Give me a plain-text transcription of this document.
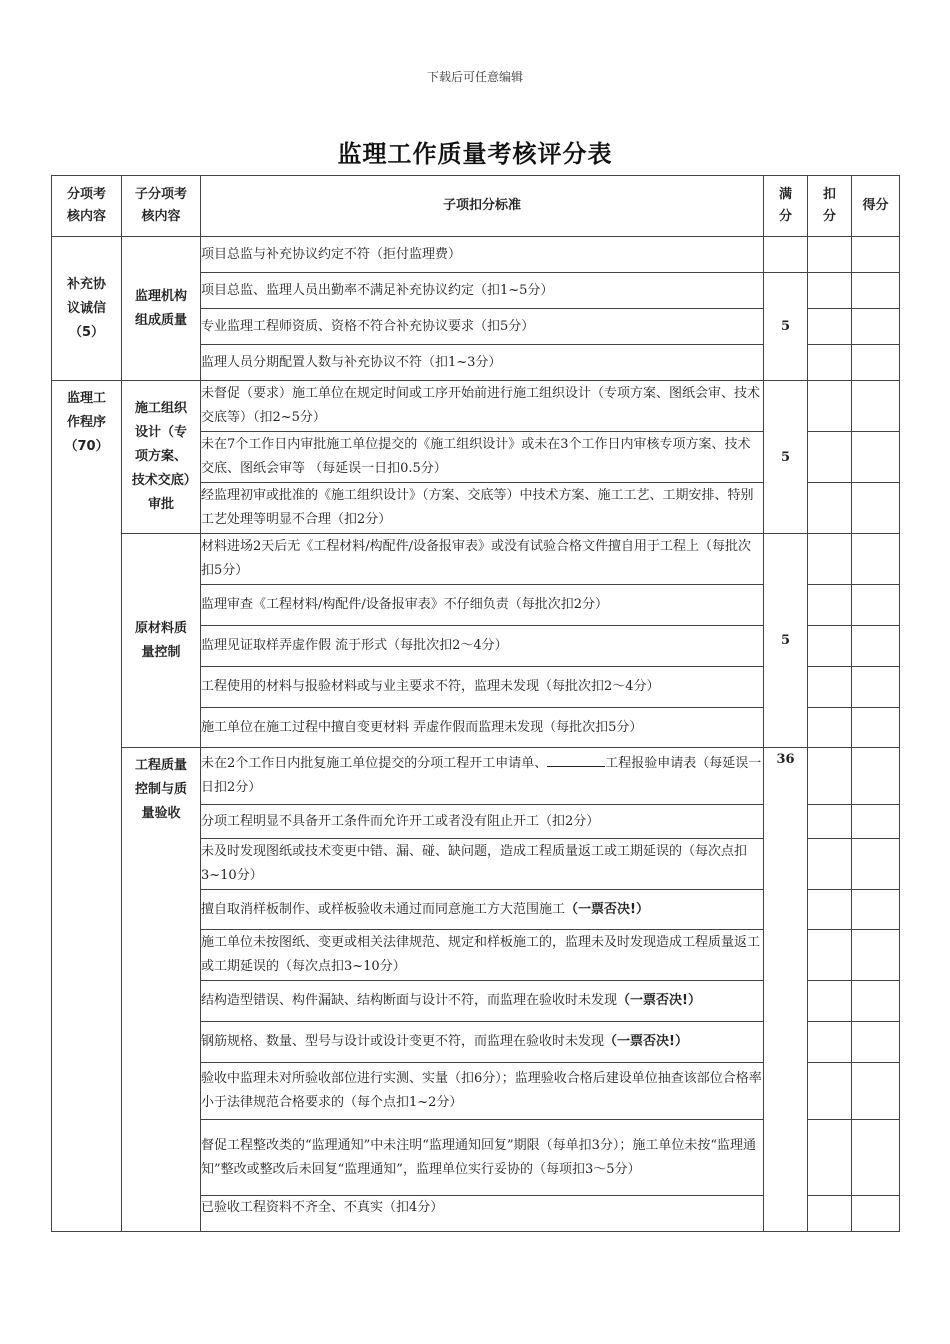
下载后可任意编辑
监理工作质量考核评分表
分项考核内容	子分项考核内容	子项扣分标准	满分	扣分	得分

补充协议诚信（5）	监理机构组成质量	项目总监与补充协议约定不符（拒付监理费）			
		项目总监、监理人员出勤率不满足补充协议约定（扣1~5分）	5		
		专业监理工程师资质、资格不符合补充协议要求（扣5分）			
		监理人员分期配置人数与补充协议不符（扣1~3分）			

监理工作程序（70）	施工组织设计（专项方案、技术交底）审批	未督促（要求）施工单位在规定时间或工序开始前进行施工组织设计（专项方案、图纸会审、技术交底等）（扣2~5分）	5		
		未在7个工作日内审批施工单位提交的《施工组织设计》或未在3个工作日内审核专项方案、技术交底、图纸会审等 （每延误一日扣0.5分）			
		经监理初审或批准的《施工组织设计》（方案、交底等）中技术方案、施工工艺、工期安排、特别工艺处理等明显不合理（扣2分）			

	原材料质量控制	材料进场2天后无《工程材料/构配件/设备报审表》或没有试验合格文件擅自用于工程上（每批次扣5分）	5		
		监理审查《工程材料/构配件/设备报审表》不仔细负责（每批次扣2分）			
		监理见证取样弄虚作假 流于形式（每批次扣2～4分）			
		工程使用的材料与报验材料或与业主要求不符，监理未发现（每批次扣2～4分）			
		施工单位在施工过程中擅自变更材料 弄虚作假而监理未发现（每批次扣5分）			

	工程质量控制与质量验收	未在2个工作日内批复施工单位提交的分项工程开工申请单、 工程报验申请表（每延误一日扣2分）	36		
		分项工程明显不具备开工条件而允许开工或者没有阻止开工（扣2分）			
		未及时发现图纸或技术变更中错、漏、碰、缺问题，造成工程质量返工或工期延误的（每次点扣3~10分）			
		擅自取消样板制作、或样板验收未通过而同意施工方大范围施工（一票否决!）			
		施工单位未按图纸、变更或相关法律规范、规定和样板施工的，监理未及时发现造成工程质量返工或工期延误的（每次点扣3~10分）			
		结构造型错误、构件漏缺、结构断面与设计不符，而监理在验收时未发现（一票否决!）			
		钢筋规格、数量、型号与设计或设计变更不符，而监理在验收时未发现（一票否决!）			
		验收中监理未对所验收部位进行实测、实量（扣6分）；监理验收合格后建设单位抽查该部位合格率小于法律规范合格要求的（每个点扣1~2分）			
		督促工程整改类的“监理通知”中未注明“监理通知回复”期限（每单扣3分）；施工单位未按“监理通知”整改或整改后未回复“监理通知”，监理单位实行妥协的（每项扣3～5分）			
		已验收工程资料不齐全、不真实（扣4分）			
